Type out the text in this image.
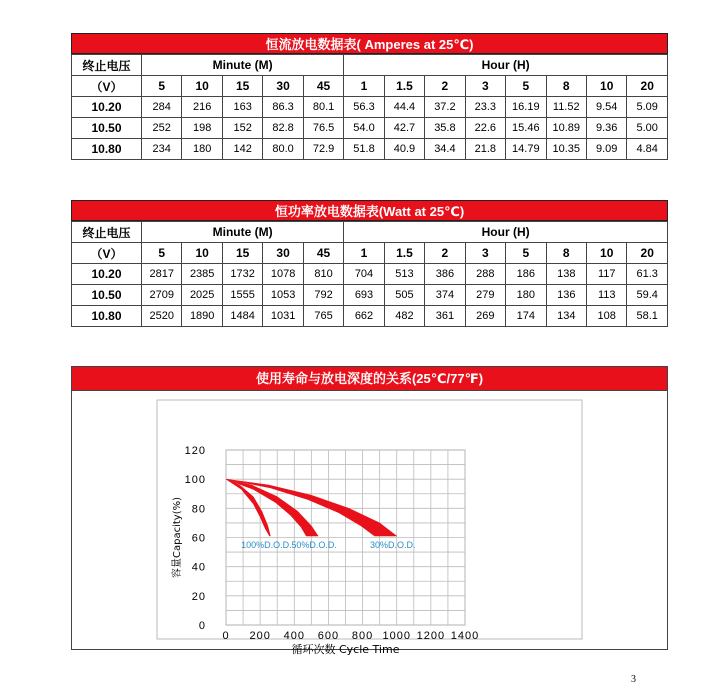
恒流放电数据表( Amperes at 25℃)
终止电压	Minute (M)					Hour (H)							
（V）	5	10	15	30	45	1	1.5	2	3	5	8	10	20
10.20	284	216	163	86.3	80.1	56.3	44.4	37.2	23.3	16.19	11.52	9.54	5.09
10.50	252	198	152	82.8	76.5	54.0	42.7	35.8	22.6	15.46	10.89	9.36	5.00
10.80	234	180	142	80.0	72.9	51.8	40.9	34.4	21.8	14.79	10.35	9.09	4.84
恒功率放电数据表(Watt at 25℃)
终止电压	Minute (M)					Hour (H)							
（V）	5	10	15	30	45	1	1.5	2	3	5	8	10	20
10.20	2817	2385	1732	1078	810	704	513	386	288	186	138	117	61.3
10.50	2709	2025	1555	1053	792	693	505	374	279	180	136	113	59.4
10.80	2520	1890	1484	1031	765	662	482	361	269	174	134	108	58.1
使用寿命与放电深度的关系(25℃/77℉)
0
20
40
60
80
100
120
0 200 400 600 800 1000 1200 1400
循环次数 Cycle Time
容量Capacity(%)	100%D.O.D. 50%D.O.D.	30%D.O.D.
3
